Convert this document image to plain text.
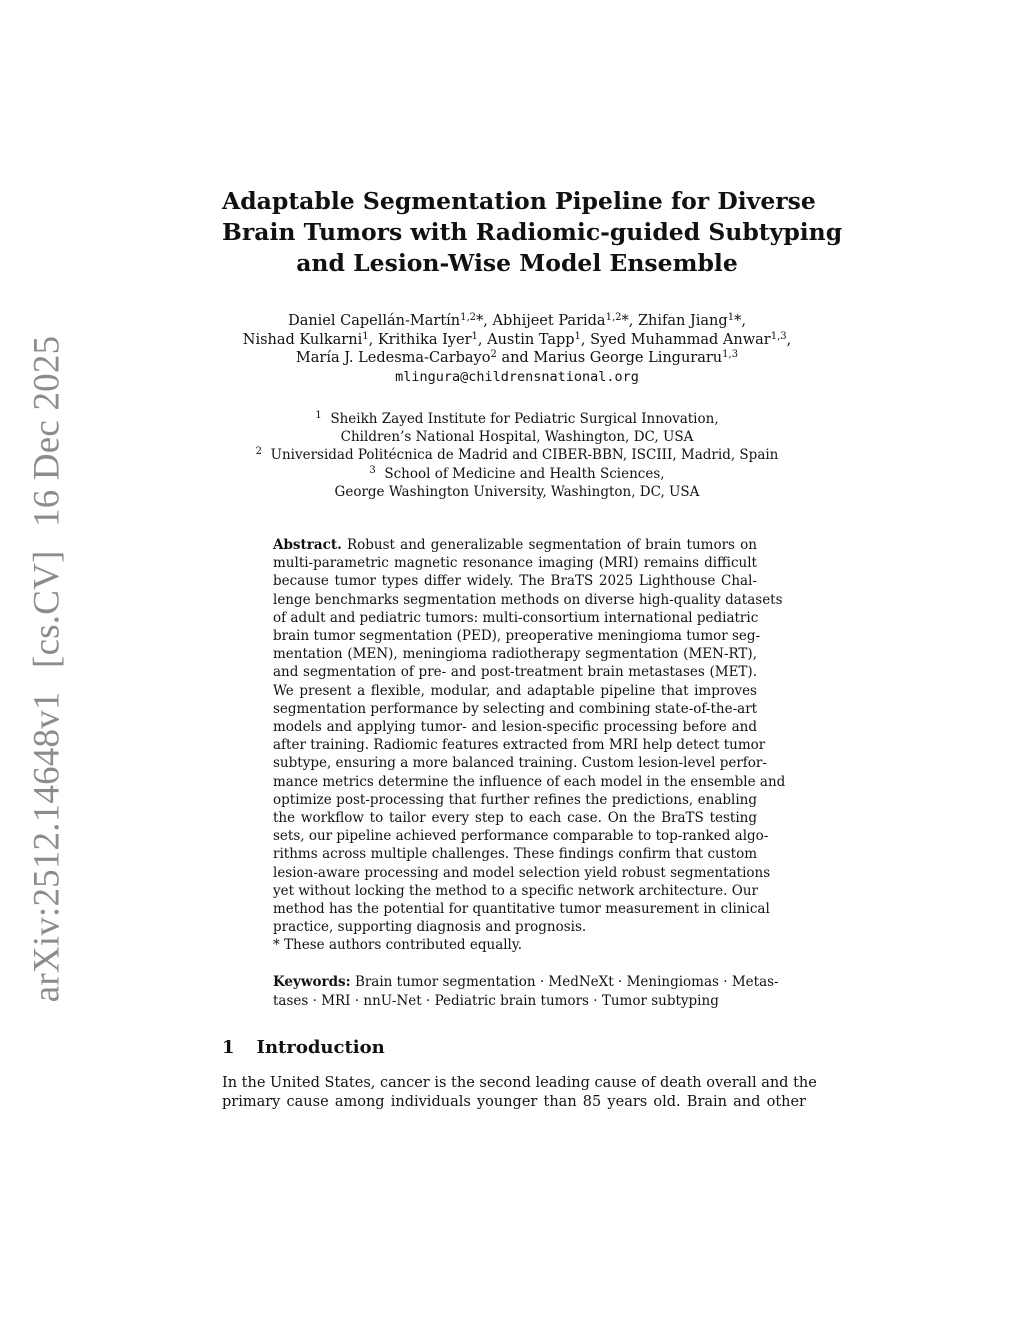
arXiv:2512.14648v1 [cs.CV] 16 Dec 2025
Adaptable Segmentation Pipeline for Diverse
Brain Tumors with Radiomic-guided Subtyping
and Lesion-Wise Model Ensemble
Daniel Capellán-Martín$^{1,2}$*, Abhijeet Parida$^{1,2}$*, Zhifan Jiang$^1$*,
Nishad Kulkarni$^1$, Krithika Iyer$^1$, Austin Tapp$^1$, Syed Muhammad Anwar$^{1,3}$,
María J. Ledesma-Carbayo$^2$ and Marius George Linguraru$^{1,3}$
mlingura@childrensnational.org
$^1$ Sheikh Zayed Institute for Pediatric Surgical Innovation,
Children’s National Hospital, Washington, DC, USA
$^2$ Universidad Politécnica de Madrid and CIBER-BBN, ISCIII, Madrid, Spain
$^3$ School of Medicine and Health Sciences,
George Washington University, Washington, DC, USA
Abstract. Robust and generalizable segmentation of brain tumors on
multi-parametric magnetic resonance imaging (MRI) remains difficult
because tumor types differ widely. The BraTS 2025 Lighthouse Chal-
lenge benchmarks segmentation methods on diverse high-quality datasets
of adult and pediatric tumors: multi-consortium international pediatric
brain tumor segmentation (PED), preoperative meningioma tumor seg-
mentation (MEN), meningioma radiotherapy segmentation (MEN-RT),
and segmentation of pre- and post-treatment brain metastases (MET).
We present a flexible, modular, and adaptable pipeline that improves
segmentation performance by selecting and combining state-of-the-art
models and applying tumor- and lesion-specific processing before and
after training. Radiomic features extracted from MRI help detect tumor
subtype, ensuring a more balanced training. Custom lesion-level perfor-
mance metrics determine the influence of each model in the ensemble and
optimize post-processing that further refines the predictions, enabling
the workflow to tailor every step to each case. On the BraTS testing
sets, our pipeline achieved performance comparable to top-ranked algo-
rithms across multiple challenges. These findings confirm that custom
lesion-aware processing and model selection yield robust segmentations
yet without locking the method to a specific network architecture. Our
method has the potential for quantitative tumor measurement in clinical
practice, supporting diagnosis and prognosis.
* These authors contributed equally.
Keywords: Brain tumor segmentation · MedNeXt · Meningiomas · Metas-
tases · MRI · nnU-Net · Pediatric brain tumors · Tumor subtyping
1 Introduction
In the United States, cancer is the second leading cause of death overall and the
primary cause among individuals younger than 85 years old. Brain and other
